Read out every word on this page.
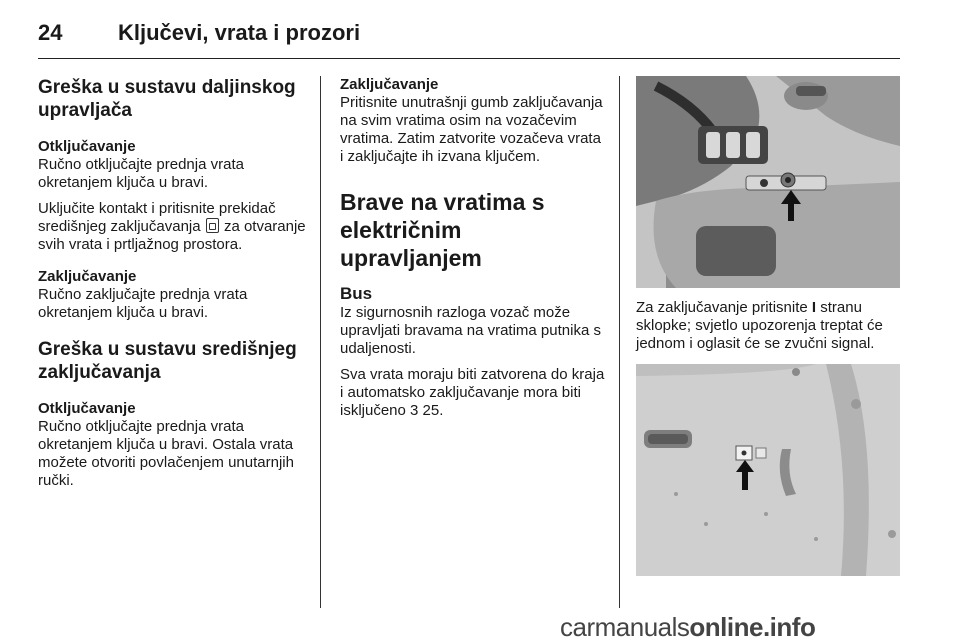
24	Ključevi, vrata i prozori
Greška u sustavu daljinskog upravljača
Otključavanje

Ručno otključajte prednja vrata okretanjem ključa u bravi.

Uključite kontakt i pritisnite prekidač središnjeg zaključavanja za otvaranje svih vrata i prtljažnog prostora.

Zaključavanje

Ručno zaključajte prednja vrata okretanjem ključa u bravi.

Greška u sustavu središnjeg zaključavanja
Otključavanje

Ručno otključajte prednja vrata okretanjem ključa u bravi. Ostala vrata možete otvoriti povlačenjem unutarnjih ručki.

Zaključavanje

Pritisnite unutrašnji gumb zaključavanja na svim vratima osim na vozačevim vratima. Zatim zatvorite vozačeva vrata i zaključajte ih izvana ključem.

Brave na vratima s električnim upravljanjem
Bus

Iz sigurnosnih razloga vozač može upravljati bravama na vratima putnika s udaljenosti.

Sva vrata moraju biti zatvorena do kraja i automatsko zaključavanje mora biti isključeno 3 25.

Za zaključavanje pritisnite I stranu sklopke; svjetlo upozorenja treptat će jednom i oglasit će se zvučni signal.

carmanualsonline.info
